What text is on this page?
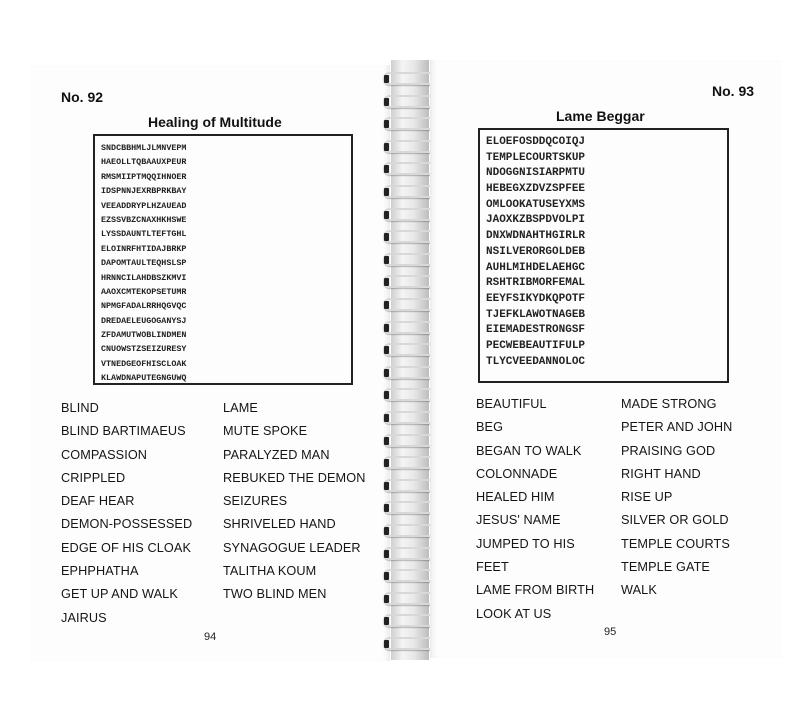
No. 92
Healing of Multitude
SNDCBBHMLJLMNVEPM
HAEOLLTQBAAUXPEUR
RMSMIIPTMQQIHNOER
IDSPNNJEXRBPRKBAY
VEEADDRYPLHZAUEAD
EZSSVBZCNAXHKHSWE
LYSSDAUNTLTEFTGHL
ELOINRFHTIDAJBRKP
DAPOMTAULTEQHSLSP
HRNNCILAHDBSZKMVI
AAOXCMTEKOPSETUMR
NPMGFADALRRHQGVQC
DREDAELEUGOGANYSJ
ZFDAMUTWOBLINDMEN
CNUOWSTZSEIZURESY
VTNEDGEOFHISCLOAK
KLAWDNAPUTEGNGUWQ
BLIND
BLIND BARTIMAEUS
COMPASSION
CRIPPLED
DEAF HEAR
DEMON-POSSESSED
EDGE OF HIS CLOAK
EPHPHATHA
GET UP AND WALK
JAIRUS
LAME
MUTE SPOKE
PARALYZED MAN
REBUKED THE DEMON
SEIZURES
SHRIVELED HAND
SYNAGOGUE LEADER
TALITHA KOUM
TWO BLIND MEN
94
No. 93
Lame Beggar
ELOEFOSDDQCOIQJ
TEMPLECOURTSKUP
NDOGGNISIARPMTU
HEBEGXZDVZSPFEE
OMLOOKATUSEYXMS
JAOXKZBSPDVOLPI
DNXWDNAHTHGIRLR
NSILVERORGOLDEB
AUHLMIHDELAEHGC
RSHTRIBMORFEMAL
EEYFSIKYDKQPOTF
TJEFKLAWOTNAGEB
EIEMADESTRONGSF
PECWEBEAUTIFULP
TLYCVEEDANNOLOC
BEAUTIFUL
BEG
BEGAN TO WALK
COLONNADE
HEALED HIM
JESUS' NAME
JUMPED TO HIS
FEET
LAME FROM BIRTH
LOOK AT US
MADE STRONG
PETER AND JOHN
PRAISING GOD
RIGHT HAND
RISE UP
SILVER OR GOLD
TEMPLE COURTS
TEMPLE GATE
WALK
95
